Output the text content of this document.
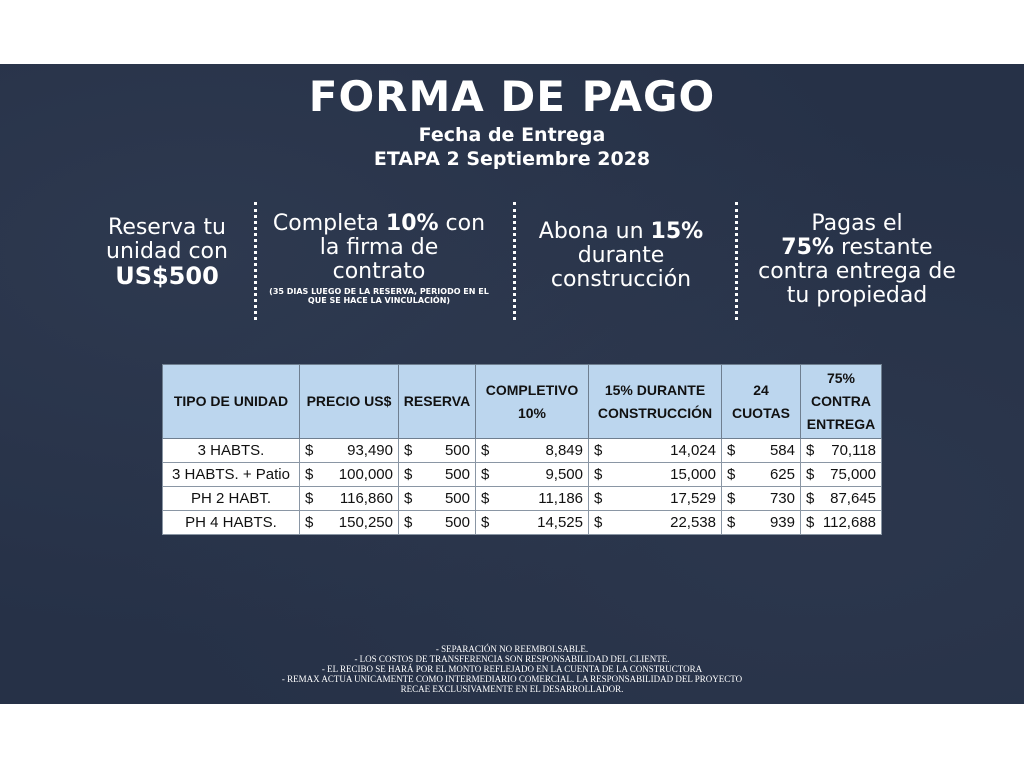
FORMA DE PAGO
Fecha de Entrega
ETAPA 2 Septiembre 2028
Reserva tu
unidad con
US$500
Completa 10% con
la firma de
contrato
(35 DIAS LUEGO DE LA RESERVA, PERIODO EN EL QUE SE HACE LA VINCULACIÓN)
Abona un 15%
durante
construcción
Pagas el
75% restante
contra entrega de
tu propiedad
TIPO DE UNIDAD	PRECIO US$	RESERVA	COMPLETIVO 10%	15% DURANTE CONSTRUCCIÓN	24 CUOTAS	75% CONTRA ENTREGA
3 HABTS.	$ 93,490	$ 500	$ 8,849	$ 14,024	$ 584	$ 70,118

3 HABTS. + Patio	$ 100,000	$ 500	$ 9,500	$ 15,000	$ 625	$ 75,000

PH 2 HABT.	$ 116,860	$ 500	$ 11,186	$ 17,529	$ 730	$ 87,645

PH 4 HABTS.	$ 150,250	$ 500	$ 14,525	$ 22,538	$ 939	$ 112,688
- SEPARACIÓN NO REEMBOLSABLE.
- LOS COSTOS DE TRANSFERENCIA SON RESPONSABILIDAD DEL CLIENTE.
- EL RECIBO SE HARÁ POR EL MONTO REFLEJADO EN LA CUENTA DE LA CONSTRUCTORA
- REMAX ACTUA UNICAMENTE COMO INTERMEDIARIO COMERCIAL. LA RESPONSABILIDAD DEL PROYECTO
RECAE EXCLUSIVAMENTE EN EL DESARROLLADOR.
